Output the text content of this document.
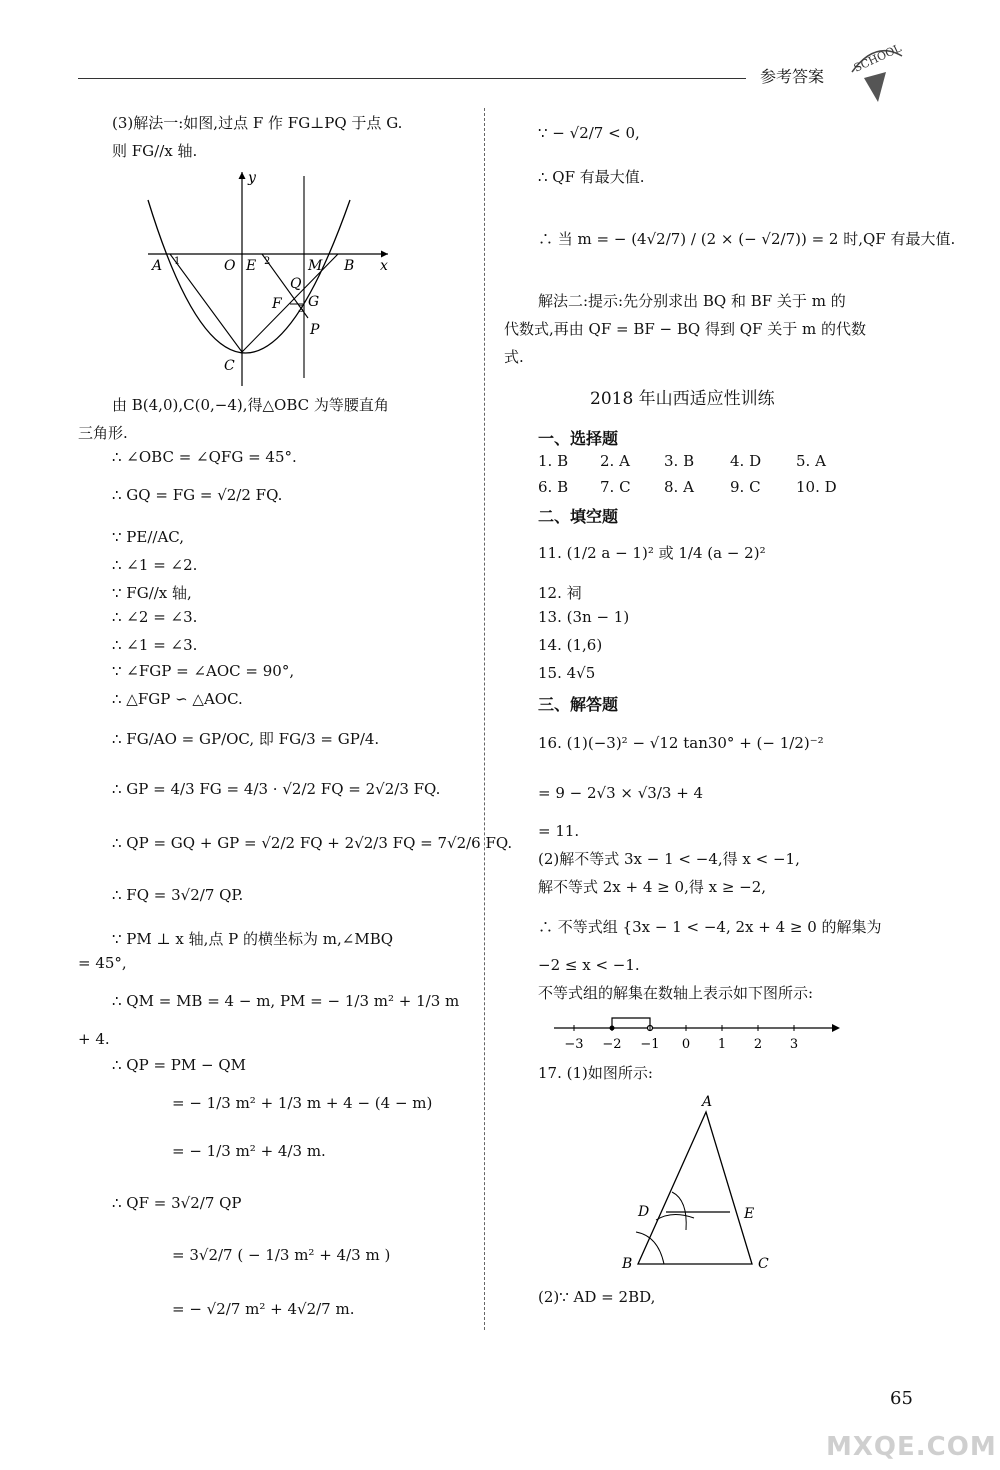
参考答案
SCHOOL
(3)解法一:如图,过点 F 作 FG⊥PQ 于点 G.
则 FG//x 轴.
y
A 1	O E 2	M B x
Q
3
F G
P
C
由 B(4,0),C(0,−4),得△OBC 为等腰直角
三角形.
∴ ∠OBC = ∠QFG = 45°.
∴ GQ = FG = √2/2 FQ.
∵ PE//AC,
∴ ∠1 = ∠2.
∵ FG//x 轴,
∴ ∠2 = ∠3.
∴ ∠1 = ∠3.
∵ ∠FGP = ∠AOC = 90°,
∴ △FGP ∽ △AOC.
∴ FG/AO = GP/OC, 即 FG/3 = GP/4.
∴ GP = 4/3 FG = 4/3 · √2/2 FQ = 2√2/3 FQ.
∴ QP = GQ + GP = √2/2 FQ + 2√2/3 FQ = 7√2/6 FQ.
∴ FQ = 3√2/7 QP.
∵ PM ⊥ x 轴,点 P 的横坐标为 m,∠MBQ
= 45°,
∴ QM = MB = 4 − m, PM = − 1/3 m² + 1/3 m
+ 4.
∴ QP = PM − QM
= − 1/3 m² + 1/3 m + 4 − (4 − m)
= − 1/3 m² + 4/3 m.
∴ QF = 3√2/7 QP
= 3√2/7 ( − 1/3 m² + 4/3 m )
= − √2/7 m² + 4√2/7 m.
∵ − √2/7 < 0,
∴ QF 有最大值.
∴ 当 m = − (4√2/7) / (2 × (− √2/7)) = 2 时,QF 有最大值.
解法二:提示:先分别求出 BQ 和 BF 关于 m 的
代数式,再由 QF = BF − BQ 得到 QF 关于 m 的代数
式.
2018 年山西适应性训练
一、选择题
1. B 2. A 3. B 4. D 5. A
6. B 7. C 8. A 9. C 10. D
二、填空题
11. (1/2 a − 1)² 或 1/4 (a − 2)²
12. 祠
13. (3n − 1)
14. (1,6)
15. 4√5
三、解答题
16. (1)(−3)² − √12 tan30° + (− 1/2)⁻²
= 9 − 2√3 × √3/3 + 4
= 11.
(2)解不等式 3x − 1 < −4,得 x < −1,
解不等式 2x + 4 ≥ 0,得 x ≥ −2,
∴ 不等式组 {3x − 1 < −4, 2x + 4 ≥ 0 的解集为
−2 ≤ x < −1.
不等式组的解集在数轴上表示如下图所示:
−3 −2 −1 0 1 2 3
17. (1)如图所示:
A
D	E
B	C
(2)∵ AD = 2BD,
65
MXQE.COM
